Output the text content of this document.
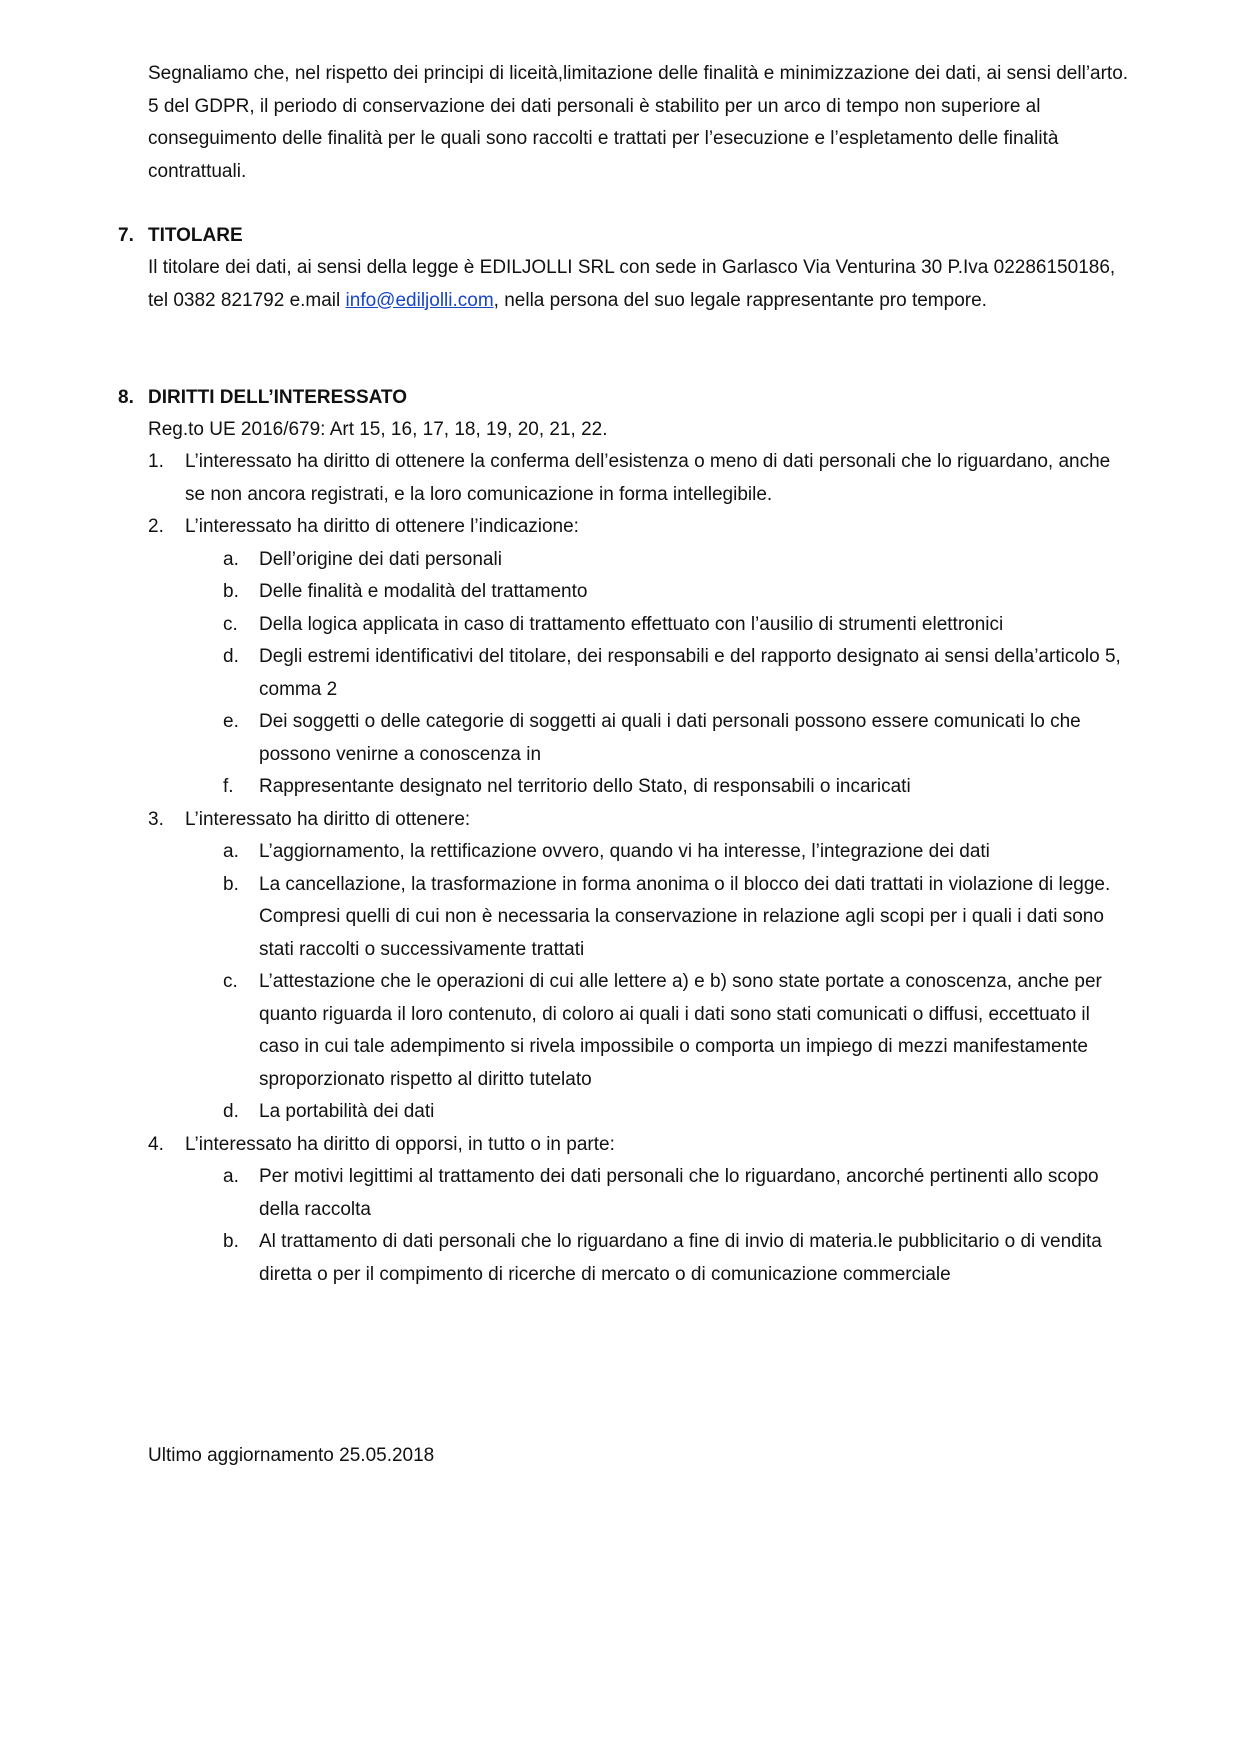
Segnaliamo che, nel rispetto dei principi di liceità,limitazione delle finalità e minimizzazione dei dati, ai sensi dell’arto. 5 del GDPR, il periodo di conservazione dei dati personali è stabilito per un arco di tempo non superiore al conseguimento delle finalità per le quali sono raccolti e trattati per l’esecuzione e l’espletamento delle finalità contrattuali.

7. TITOLARE

Il titolare dei dati, ai sensi della legge è EDILJOLLI SRL con sede in Garlasco Via Venturina 30 P.Iva 02286150186, tel 0382 821792 e.mail info@ediljolli.com, nella persona del suo legale rappresentante pro tempore.

8. DIRITTI DELL’INTERESSATO

Reg.to UE 2016/679: Art 15, 16, 17, 18, 19, 20, 21, 22.

1. L’interessato ha diritto di ottenere la conferma dell’esistenza o meno di dati personali che lo riguardano, anche se non ancora registrati, e la loro comunicazione in forma intellegibile.
2. L’interessato ha diritto di ottenere l’indicazione:
a. Dell’origine dei dati personali
b. Delle finalità e modalità del trattamento
c. Della logica applicata in caso di trattamento effettuato con l’ausilio di strumenti elettronici
d. Degli estremi identificativi del titolare, dei responsabili e del rapporto designato ai sensi della’articolo 5, comma 2
e. Dei soggetti o delle categorie di soggetti ai quali i dati personali possono essere comunicati lo che possono venirne a conoscenza in
f. Rappresentante designato nel territorio dello Stato, di responsabili o incaricati
3. L’interessato ha diritto di ottenere:
a. L’aggiornamento, la rettificazione ovvero, quando vi ha interesse, l’integrazione dei dati
b. La cancellazione, la trasformazione in forma anonima o il blocco dei dati trattati in violazione di legge. Compresi quelli di cui non è necessaria la conservazione in relazione agli scopi per i quali i dati sono stati raccolti o successivamente trattati
c. L’attestazione che le operazioni di cui alle lettere a) e b) sono state portate a conoscenza, anche per quanto riguarda il loro contenuto, di coloro ai quali i dati sono stati comunicati o diffusi, eccettuato il caso in cui tale adempimento si rivela impossibile o comporta un impiego di mezzi manifestamente sproporzionato rispetto al diritto tutelato
d. La portabilità dei dati
4. L’interessato ha diritto di opporsi, in tutto o in parte:
a. Per motivi legittimi al trattamento dei dati personali che lo riguardano, ancorché pertinenti allo scopo della raccolta
b. Al trattamento di dati personali che lo riguardano a fine di invio di materia.le pubblicitario o di vendita diretta o per il compimento di ricerche di mercato o di comunicazione commerciale

Ultimo aggiornamento 25.05.2018
